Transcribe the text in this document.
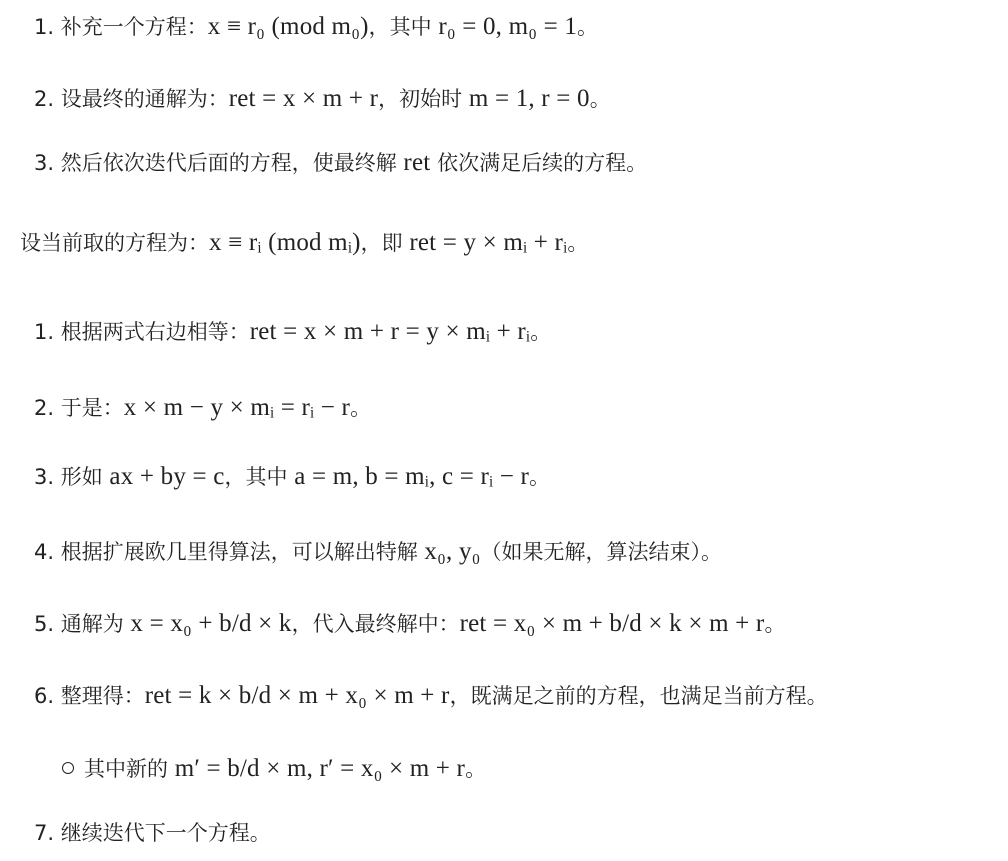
1. 补充一个方程：x ≡ r₀ (mod m₀)，其中 r₀ = 0, m₀ = 1。
2. 设最终的通解为：ret = x × m + r，初始时 m = 1, r = 0。
3. 然后依次迭代后面的方程，使最终解 ret 依次满足后续的方程。
设当前取的方程为：x ≡ rᵢ (mod mᵢ)，即 ret = y × mᵢ + rᵢ。
1. 根据两式右边相等：ret = x × m + r = y × mᵢ + rᵢ。
2. 于是：x × m − y × mᵢ = rᵢ − r。
3. 形如 ax + by = c，其中 a = m, b = mᵢ, c = rᵢ − r。
4. 根据扩展欧几里得算法，可以解出特解 x₀, y₀（如果无解，算法结束）。
5. 通解为 x = x₀ + b/d × k，代入最终解中：ret = x₀ × m + b/d × k × m + r。
6. 整理得：ret = k × b/d × m + x₀ × m + r，既满足之前的方程，也满足当前方程。
其中新的 m′ = b/d × m, r′ = x₀ × m + r。
7. 继续迭代下一个方程。
